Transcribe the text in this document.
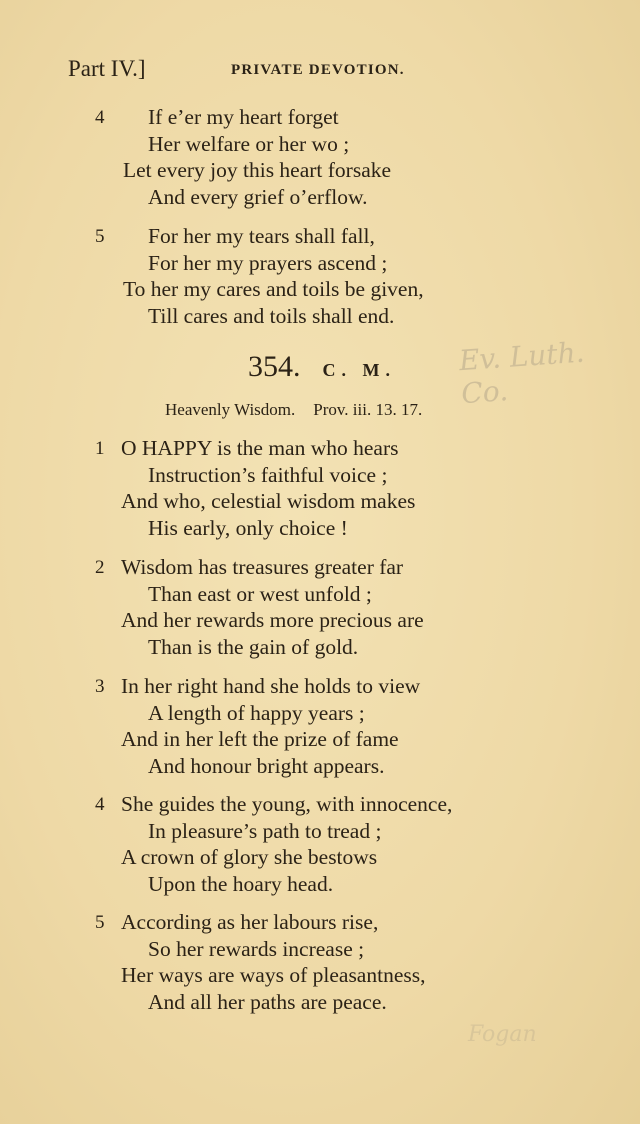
Part IV.]	PRIVATE DEVOTION.
4 If e’er my heart forget
Her welfare or her wo ;
Let every joy this heart forsake
And every grief o’erflow.
5 For her my tears shall fall,
For her my prayers ascend ;
To her my cares and toils be given,
Till cares and toils shall end.
354. C. M.
Heavenly Wisdom. Prov. iii. 13. 17.
1 O HAPPY is the man who hears
Instruction’s faithful voice ;
And who, celestial wisdom makes
His early, only choice !
2 Wisdom has treasures greater far
Than east or west unfold ;
And her rewards more precious are
Than is the gain of gold.
3 In her right hand she holds to view
A length of happy years ;
And in her left the prize of fame
And honour bright appears.
4 She guides the young, with innocence,
In pleasure’s path to tread ;
A crown of glory she bestows
Upon the hoary head.
5 According as her labours rise,
So her rewards increase ;
Her ways are ways of pleasantness,
And all her paths are peace.
Ev. Luth. Co.
Fogan
